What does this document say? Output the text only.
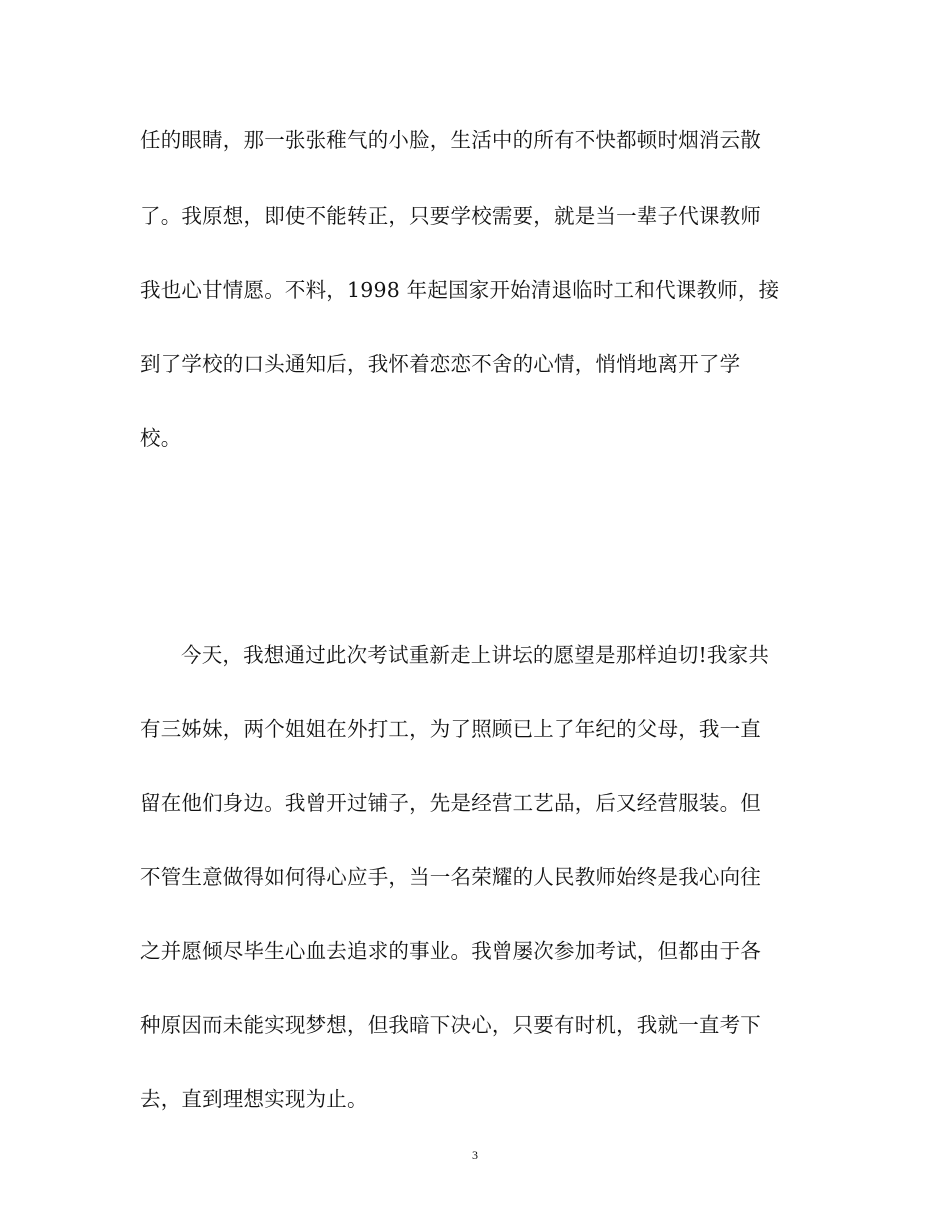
任的眼睛，那一张张稚气的小脸，生活中的所有不快都顿时烟消云散
了。我原想，即使不能转正，只要学校需要，就是当一辈子代课教师
我也心甘情愿。不料，1998 年起国家开始清退临时工和代课教师，接
到了学校的口头通知后，我怀着恋恋不舍的心情，悄悄地离开了学
校。
今天，我想通过此次考试重新走上讲坛的愿望是那样迫切!我家共
有三姊妹，两个姐姐在外打工，为了照顾已上了年纪的父母，我一直
留在他们身边。我曾开过铺子，先是经营工艺品，后又经营服装。但
不管生意做得如何得心应手，当一名荣耀的人民教师始终是我心向往
之并愿倾尽毕生心血去追求的事业。我曾屡次参加考试，但都由于各
种原因而未能实现梦想，但我暗下决心，只要有时机，我就一直考下
去，直到理想实现为止。
3
